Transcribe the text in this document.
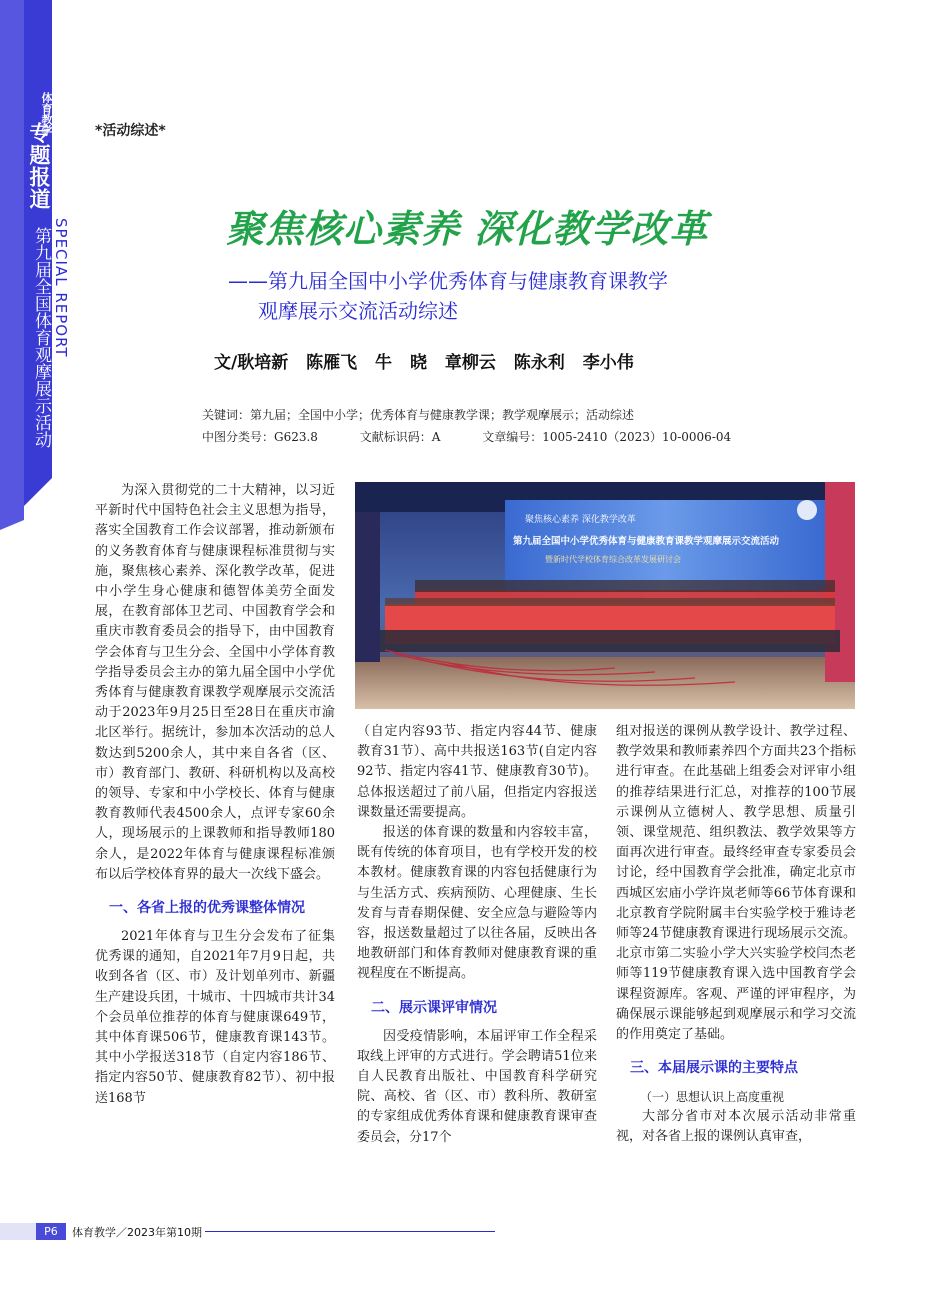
体育教学
专题报道
第九届全国体育观摩展示活动 SPECIAL REPORT
*活动综述*
聚焦核心素养 深化教学改革
——第九届全国中小学优秀体育与健康教育课教学
观摩展示交流活动综述
文/耿培新 陈雁飞 牛 晓 章柳云 陈永利 李小伟
关键词：第九届；全国中小学；优秀体育与健康教学课；教学观摩展示；活动综述
中图分类号：G623.8	文献标识码：A	文章编号：1005-2410（2023）10-0006-04

为深入贯彻党的二十大精神，以习近平新时代中国特色社会主义思想为指导，落实全国教育工作会议部署，推动新颁布的义务教育体育与健康课程标准贯彻与实施，聚焦核心素养、深化教学改革，促进中小学生身心健康和德智体美劳全面发展，在教育部体卫艺司、中国教育学会和重庆市教育委员会的指导下，由中国教育学会体育与卫生分会、全国中小学体育教学指导委员会主办的第九届全国中小学优秀体育与健康教育课教学观摩展示交流活动于2023年9月25日至28日在重庆市渝北区举行。据统计，参加本次活动的总人数达到5200余人，其中来自各省（区、市）教育部门、教研、科研机构以及高校的领导、专家和中小学校长、体育与健康教育教师代表4500余人，点评专家60余人，现场展示的上课教师和指导教师180余人，是2022年体育与健康课程标准颁布以后学校体育界的最大一次线下盛会。

一、各省上报的优秀课整体情况

2021年体育与卫生分会发布了征集优秀课的通知，自2021年7月9日起，共收到各省（区、市）及计划单列市、新疆生产建设兵团，十城市、十四城市共计34个会员单位推荐的体育与健康课649节，其中体育课506节，健康教育课143节。其中小学报送318节（自定内容186节、指定内容50节、健康教育82节）、初中报送168节

聚焦核心素养 深化教学改革
第九届全国中小学优秀体育与健康教育课教学观摩展示交流活动
暨新时代学校体育综合改革发展研讨会

（自定内容93节、指定内容44节、健康教育31节）、高中共报送163节(自定内容92节、指定内容41节、健康教育30节)。总体报送超过了前八届，但指定内容报送课数量还需要提高。

报送的体育课的数量和内容较丰富，既有传统的体育项目，也有学校开发的校本教材。健康教育课的内容包括健康行为与生活方式、疾病预防、心理健康、生长发育与青春期保健、安全应急与避险等内容，报送数量超过了以往各届，反映出各地教研部门和体育教师对健康教育课的重视程度在不断提高。

二、展示课评审情况

因受疫情影响，本届评审工作全程采取线上评审的方式进行。学会聘请51位来自人民教育出版社、中国教育科学研究院、高校、省（区、市）教科所、教研室的专家组成优秀体育课和健康教育课审查委员会，分17个

组对报送的课例从教学设计、教学过程、教学效果和教师素养四个方面共23个指标进行审查。在此基础上组委会对评审小组的推荐结果进行汇总，对推荐的100节展示课例从立德树人、教学思想、质量引领、课堂规范、组织教法、教学效果等方面再次进行审查。最终经审查专家委员会讨论，经中国教育学会批准，确定北京市西城区宏庙小学许岚老师等66节体育课和北京教育学院附属丰台实验学校于雅诗老师等24节健康教育课进行现场展示交流。北京市第二实验小学大兴实验学校闫杰老师等119节健康教育课入选中国教育学会课程资源库。客观、严谨的评审程序，为确保展示课能够起到观摩展示和学习交流的作用奠定了基础。

三、本届展示课的主要特点
（一）思想认识上高度重视

大部分省市对本次展示活动非常重视，对各省上报的课例认真审查，

P6	体育教学／2023年第10期
